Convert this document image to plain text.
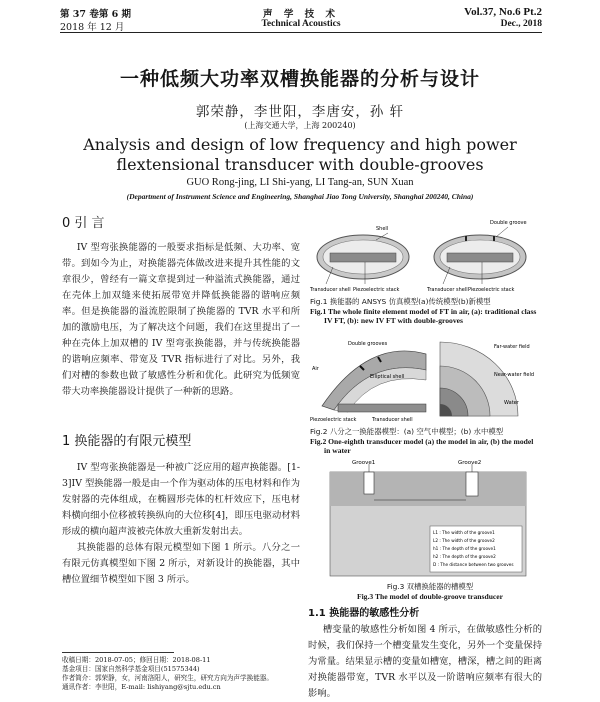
第 37 卷第 6 期
2018 年 12 月
声 学 技 术
Technical Acoustics
Vol.37, No.6 Pt.2
Dec., 2018
一种低频大功率双槽换能器的分析与设计
郭荣静，李世阳，李唐安，孙 轩
(上海交通大学，上海 200240)
Analysis and design of low frequency and high power
flextensional transducer with double-grooves
GUO Rong-jing, LI Shi-yang, LI Tang-an, SUN Xuan
(Department of Instrument Science and Engineering, Shanghai Jiao Tong University, Shanghai 200240, China)
0 引 言

IV 型弯张换能器的一般要求指标是低频、大功率、宽带。到如今为止，对换能器壳体做改进来提升其性能的文章很少，曾经有一篇文章提到过一种溢流式换能器，通过在壳体上加双缝来使拓展带宽并降低换能器的谐响应频率。但是换能器的溢流腔限制了换能器的 TVR 水平和所加的激励电压，为了解决这个问题，我们在这里提出了一种在壳体上加双槽的 IV 型弯张换能器，并与传统换能器的谐响应频率、带宽及 TVR 指标进行了对比。另外，我们对槽的参数也做了敏感性分析和优化。此研究为低频宽带大功率换能器设计提供了一种新的思路。

1 换能器的有限元模型

IV 型弯张换能器是一种被广泛应用的超声换能器。[1-3]IV 型换能器一般是由一个作为驱动体的压电材料和作为发射器的壳体组成，在椭圆形壳体的杠杆效应下，压电材料横向细小位移被转换纵向的大位移[4]，即压电驱动材料形成的横向超声波被壳体放大重新发射出去。

其换能器的总体有限元模型如下图 1 所示。八分之一有限元仿真模型如下图 2 所示，对新设计的换能器，其中槽位置细节模型如下图 3 所示。

收稿日期：2018-07-05；修回日期：2018-08-11
基金项目：国家自然科学基金项目(51575344)
作者简介：郭荣静，女，河南洛阳人，研究生，研究方向为声学换能器。
通讯作者：李世阳，E-mail: lishiyang@sjtu.edu.cn
Shell
Double groove
Piezoelectric stack	Piezoelectric stack
Transducer shell	Transducer shell
Fig.1 换能器的 ANSYS 仿真模型(a)传统模型(b)新模型
Fig.1 The whole finite element model of FT in air, (a): traditional class
IV FT, (b): new IV FT with double-grooves
Double grooves
Elliptical shell
Air
Piezoelectric stack	Transducer shell
Far-water field
Near-water field
Water
Fig.2 八分之一换能器模型：(a) 空气中模型；(b) 水中模型
Fig.2 One-eighth transducer model (a) the model in air, (b) the model
in water
Groove1	Groove2
L1 : The width of the groove1
L2 : The width of the groove2
h1 : The depth of the groove1
h2 : The depth of the groove2
D : The distance between two grooves
Fig.3 双槽换能器的槽模型
Fig.3 The model of double-groove transducer
1.1 换能器的敏感性分析

槽变量的敏感性分析如图 4 所示，在做敏感性分析的时候，我们保持一个槽变量发生变化，另外一个变量保持为常量。结果显示槽的变量如槽宽，槽深，槽之间的距离对换能器带宽，TVR 水平以及一阶谐响应频率有很大的影响。
